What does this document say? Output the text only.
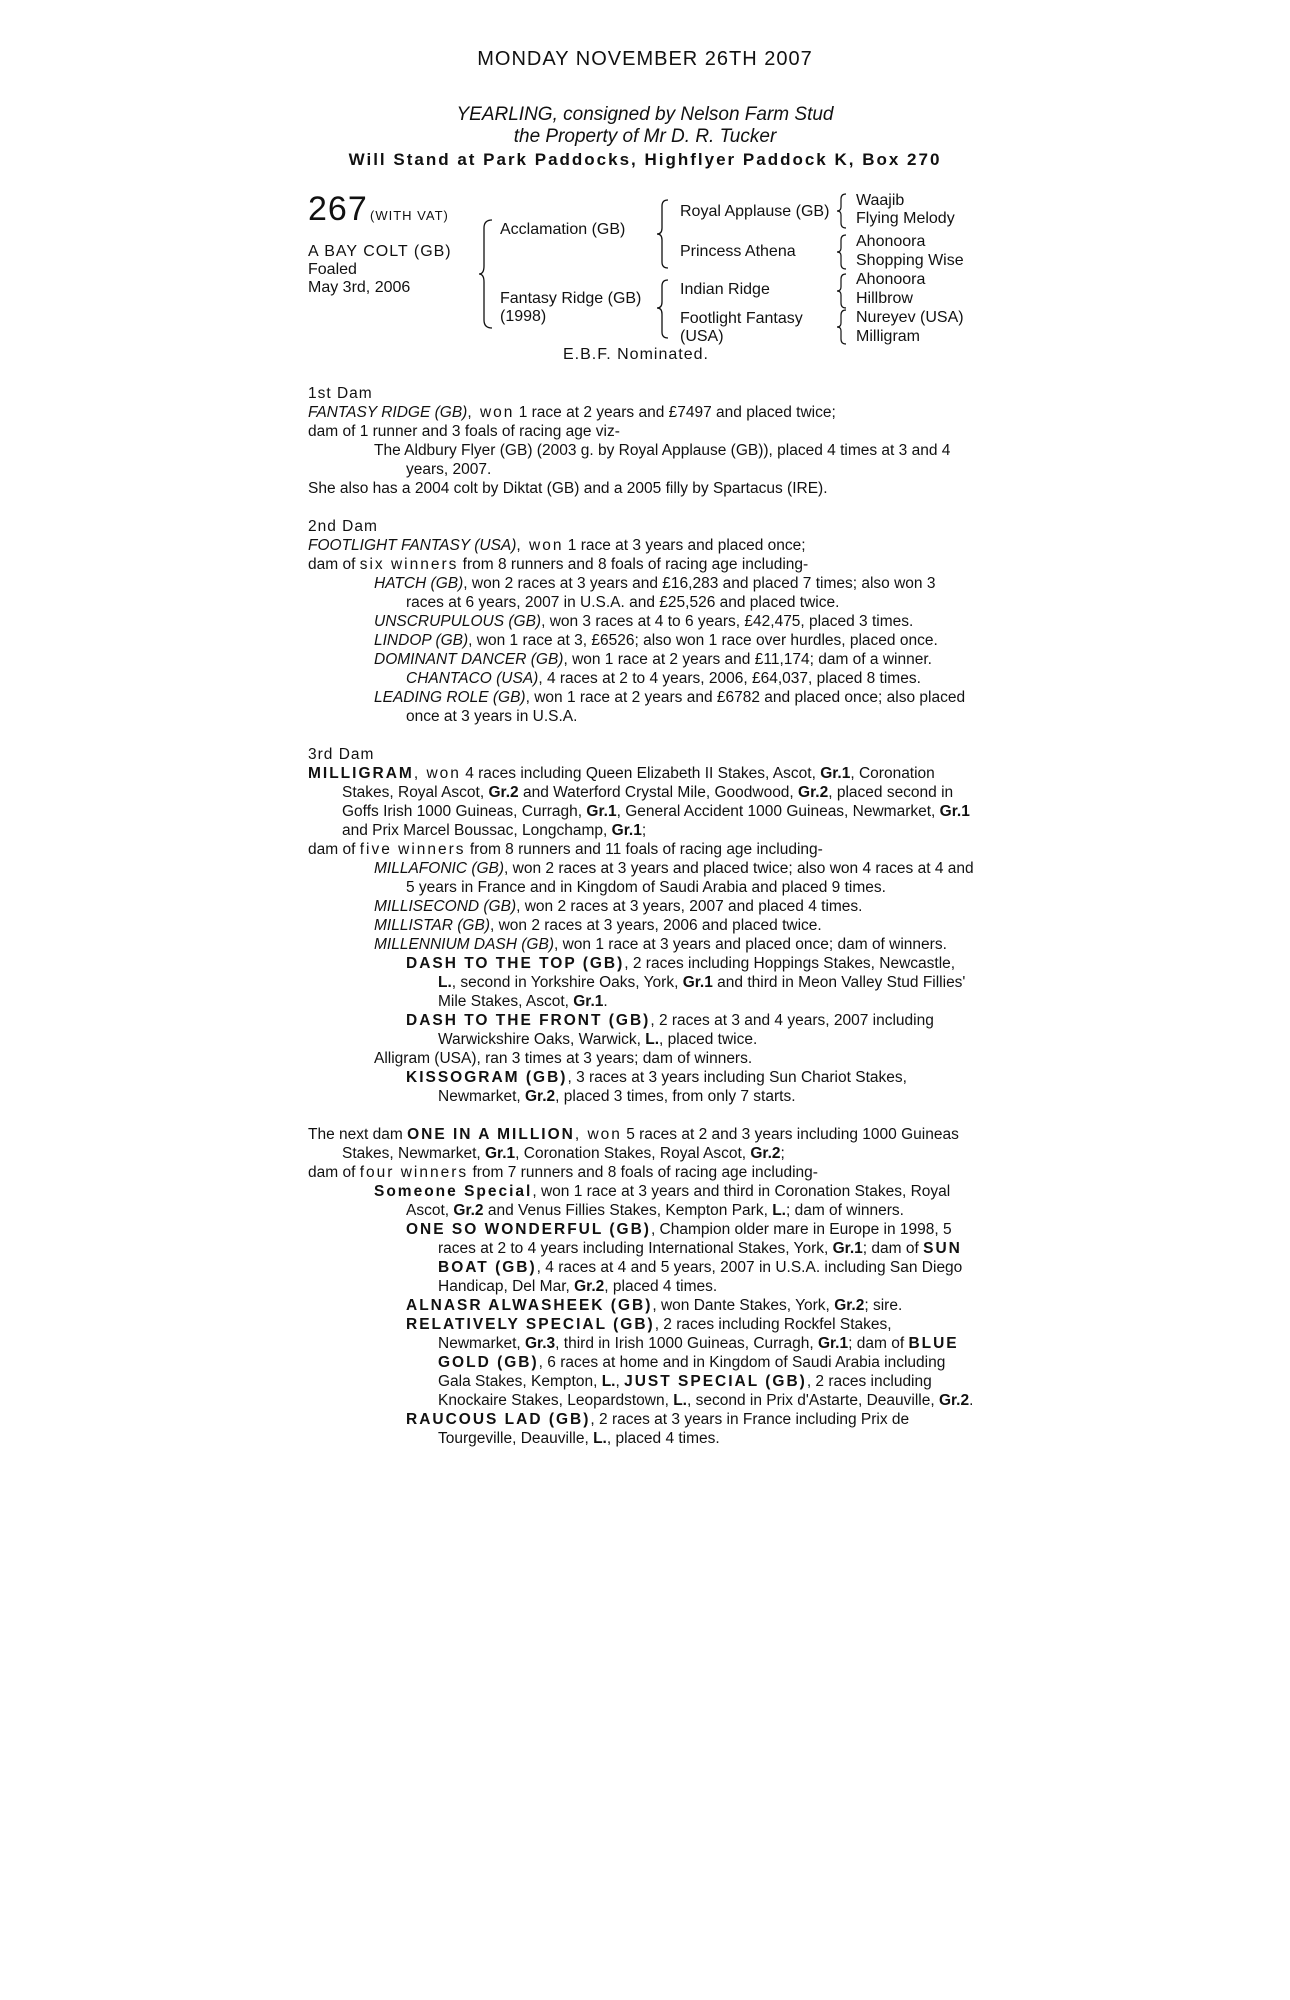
MONDAY NOVEMBER 26TH 2007
YEARLING, consigned by Nelson Farm Stud
the Property of Mr D. R. Tucker
Will Stand at Park Paddocks, Highflyer Paddock K, Box 270
267 (WITH VAT)
A BAY COLT (GB)
Foaled
May 3rd, 2006
Acclamation (GB)
Fantasy Ridge (GB)
(1998)
Royal Applause (GB)
Princess Athena
Indian Ridge
Footlight Fantasy
(USA)
Waajib
Flying Melody
Ahonoora
Shopping Wise
Ahonoora
Hillbrow
Nureyev (USA)
Milligram
E.B.F. Nominated.

1st Dam

FANTASY RIDGE (GB), won 1 race at 2 years and £7497 and placed twice;

dam of 1 runner and 3 foals of racing age viz-

The Aldbury Flyer (GB) (2003 g. by Royal Applause (GB)), placed 4 times at 3 and 4 years, 2007.

She also has a 2004 colt by Diktat (GB) and a 2005 filly by Spartacus (IRE).

2nd Dam

FOOTLIGHT FANTASY (USA), won 1 race at 3 years and placed once;

dam of six winners from 8 runners and 8 foals of racing age including-

HATCH (GB), won 2 races at 3 years and £16,283 and placed 7 times; also won 3 races at 6 years, 2007 in U.S.A. and £25,526 and placed twice.

UNSCRUPULOUS (GB), won 3 races at 4 to 6 years, £42,475, placed 3 times.

LINDOP (GB), won 1 race at 3, £6526; also won 1 race over hurdles, placed once.

DOMINANT DANCER (GB), won 1 race at 2 years and £11,174; dam of a winner.

CHANTACO (USA), 4 races at 2 to 4 years, 2006, £64,037, placed 8 times.

LEADING ROLE (GB), won 1 race at 2 years and £6782 and placed once; also placed once at 3 years in U.S.A.

3rd Dam

MILLIGRAM, won 4 races including Queen Elizabeth II Stakes, Ascot, Gr.1, Coronation Stakes, Royal Ascot, Gr.2 and Waterford Crystal Mile, Goodwood, Gr.2, placed second in Goffs Irish 1000 Guineas, Curragh, Gr.1, General Accident 1000 Guineas, Newmarket, Gr.1 and Prix Marcel Boussac, Longchamp, Gr.1;

dam of five winners from 8 runners and 11 foals of racing age including-

MILLAFONIC (GB), won 2 races at 3 years and placed twice; also won 4 races at 4 and 5 years in France and in Kingdom of Saudi Arabia and placed 9 times.

MILLISECOND (GB), won 2 races at 3 years, 2007 and placed 4 times.

MILLISTAR (GB), won 2 races at 3 years, 2006 and placed twice.

MILLENNIUM DASH (GB), won 1 race at 3 years and placed once; dam of winners.

DASH TO THE TOP (GB), 2 races including Hoppings Stakes, Newcastle, L., second in Yorkshire Oaks, York, Gr.1 and third in Meon Valley Stud Fillies' Mile Stakes, Ascot, Gr.1.

DASH TO THE FRONT (GB), 2 races at 3 and 4 years, 2007 including Warwickshire Oaks, Warwick, L., placed twice.

Alligram (USA), ran 3 times at 3 years; dam of winners.

KISSOGRAM (GB), 3 races at 3 years including Sun Chariot Stakes, Newmarket, Gr.2, placed 3 times, from only 7 starts.

The next dam ONE IN A MILLION, won 5 races at 2 and 3 years including 1000 Guineas Stakes, Newmarket, Gr.1, Coronation Stakes, Royal Ascot, Gr.2;

dam of four winners from 7 runners and 8 foals of racing age including-

Someone Special, won 1 race at 3 years and third in Coronation Stakes, Royal Ascot, Gr.2 and Venus Fillies Stakes, Kempton Park, L.; dam of winners.

ONE SO WONDERFUL (GB), Champion older mare in Europe in 1998, 5 races at 2 to 4 years including International Stakes, York, Gr.1; dam of SUN BOAT (GB), 4 races at 4 and 5 years, 2007 in U.S.A. including San Diego Handicap, Del Mar, Gr.2, placed 4 times.

ALNASR ALWASHEEK (GB), won Dante Stakes, York, Gr.2; sire.

RELATIVELY SPECIAL (GB), 2 races including Rockfel Stakes, Newmarket, Gr.3, third in Irish 1000 Guineas, Curragh, Gr.1; dam of BLUE GOLD (GB), 6 races at home and in Kingdom of Saudi Arabia including Gala Stakes, Kempton, L., JUST SPECIAL (GB), 2 races including Knockaire Stakes, Leopardstown, L., second in Prix d'Astarte, Deauville, Gr.2.

RAUCOUS LAD (GB), 2 races at 3 years in France including Prix de Tourgeville, Deauville, L., placed 4 times.
